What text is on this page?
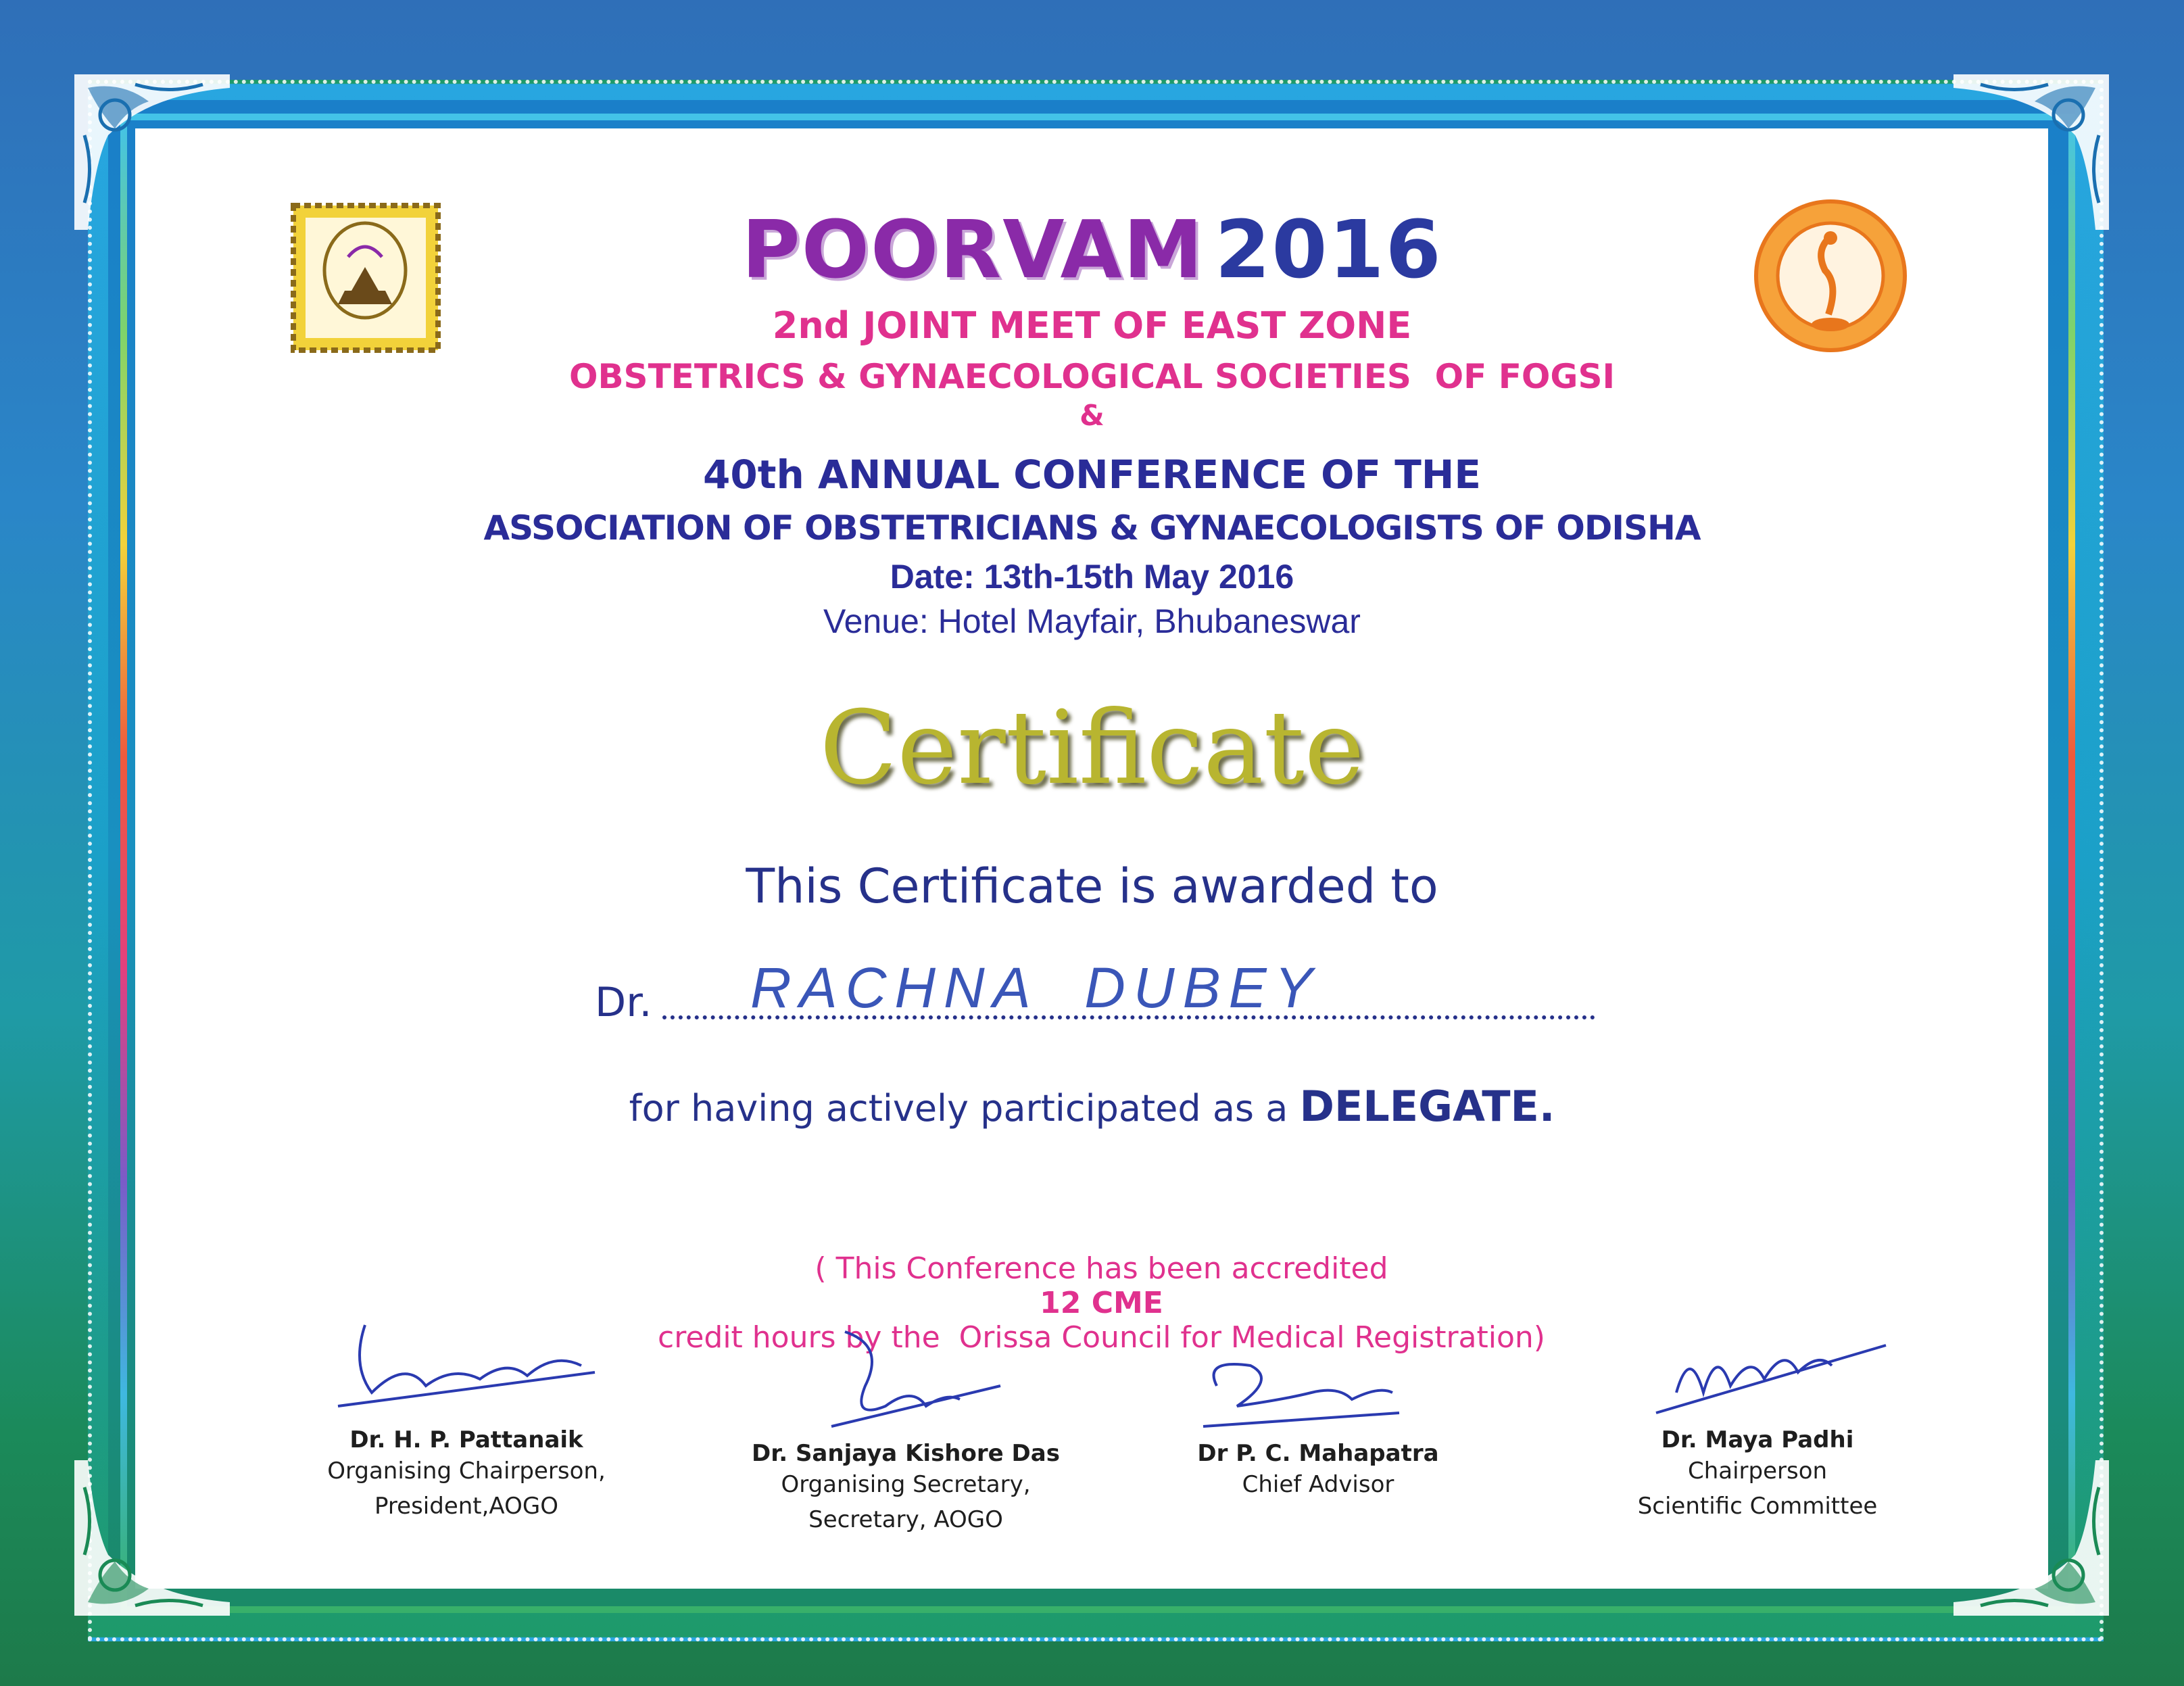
POORVAM 2016
2nd JOINT MEET OF EAST ZONE
OBSTETRICS & GYNAECOLOGICAL SOCIETIES  OF FOGSI
&
40th ANNUAL CONFERENCE OF THE
ASSOCIATION OF OBSTETRICIANS & GYNAECOLOGISTS OF ODISHA
Date: 13th-15th May 2016
Venue: Hotel Mayfair, Bhubaneswar
Certificate
This Certificate is awarded to
Dr. RACHNA  DUBEY
for having actively participated as a DELEGATE.

( This Conference has been accredited
12 CME
credit hours by the  Orissa Council for Medical Registration)

Dr. H. P. Pattanaik
Organising Chairperson,
President,AOGO
Dr. Sanjaya Kishore Das
Organising Secretary,
Secretary, AOGO
Dr P. C. Mahapatra
Chief Advisor
Dr. Maya Padhi
Chairperson
Scientific Committee
